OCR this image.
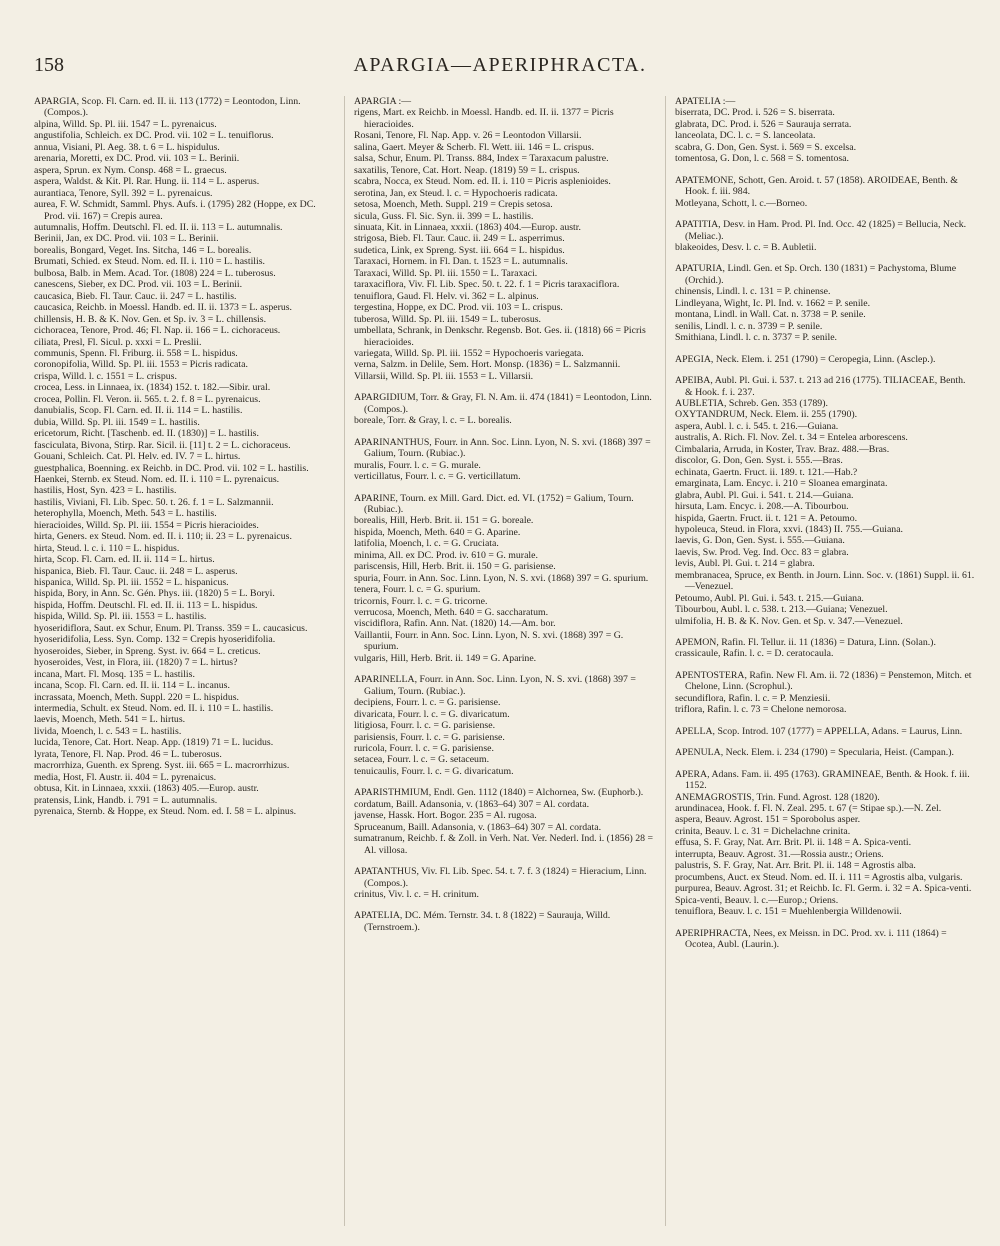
158	APARGIA—APERIPHRACTA.

APARGIA, Scop. Fl. Carn. ed. II. ii. 113 (1772) = Leontodon, Linn. (Compos.).

alpina, Willd. Sp. Pl. iii. 1547 = L. pyrenaicus.

angustifolia, Schleich. ex DC. Prod. vii. 102 = L. tenuiflorus.

annua, Visiani, Pl. Aeg. 38. t. 6 = L. hispidulus.

arenaria, Moretti, ex DC. Prod. vii. 103 = L. Berinii.

aspera, Sprun. ex Nym. Consp. 468 = L. graecus.

aspera, Waldst. & Kit. Pl. Rar. Hung. ii. 114 = L. asperus.

aurantiaca, Tenore, Syll. 392 = L. pyrenaicus.

aurea, F. W. Schmidt, Samml. Phys. Aufs. i. (1795) 282 (Hoppe, ex DC. Prod. vii. 167) = Crepis aurea.

autumnalis, Hoffm. Deutschl. Fl. ed. II. ii. 113 = L. autumnalis.

Berinii, Jan, ex DC. Prod. vii. 103 = L. Berinii.

borealis, Bongard, Veget. Ins. Sitcha, 146 = L. borealis.

Brumati, Schied. ex Steud. Nom. ed. II. i. 110 = L. hastilis.

bulbosa, Balb. in Mem. Acad. Tor. (1808) 224 = L. tuberosus.

canescens, Sieber, ex DC. Prod. vii. 103 = L. Berinii.

caucasica, Bieb. Fl. Taur. Cauc. ii. 247 = L. hastilis.

caucasica, Reichb. in Moessl. Handb. ed. II. ii. 1373 = L. asperus.

chillensis, H. B. & K. Nov. Gen. et Sp. iv. 3 = L. chillensis.

cichoracea, Tenore, Prod. 46; Fl. Nap. ii. 166 = L. cichoraceus.

ciliata, Presl, Fl. Sicul. p. xxxi = L. Preslii.

communis, Spenn. Fl. Friburg. ii. 558 = L. hispidus.

coronopifolia, Willd. Sp. Pl. iii. 1553 = Picris radicata.

crispa, Willd. l. c. 1551 = L. crispus.

crocea, Less. in Linnaea, ix. (1834) 152. t. 182.—Sibir. ural.

crocea, Pollin. Fl. Veron. ii. 565. t. 2. f. 8 = L. pyrenaicus.

danubialis, Scop. Fl. Carn. ed. II. ii. 114 = L. hastilis.

dubia, Willd. Sp. Pl. iii. 1549 = L. hastilis.

ericetorum, Richt. [Taschenb. ed. II. (1830)] = L. hastilis.

fasciculata, Bivona, Stirp. Rar. Sicil. ii. [11] t. 2 = L. cichoraceus.

Gouani, Schleich. Cat. Pl. Helv. ed. IV. 7 = L. hirtus.

guestphalica, Boenning. ex Reichb. in DC. Prod. vii. 102 = L. hastilis.

Haenkei, Sternb. ex Steud. Nom. ed. II. i. 110 = L. pyrenaicus.

hastilis, Host, Syn. 423 = L. hastilis.

hastilis, Viviani, Fl. Lib. Spec. 50. t. 26. f. 1 = L. Salzmannii.

heterophylla, Moench, Meth. 543 = L. hastilis.

hieracioides, Willd. Sp. Pl. iii. 1554 = Picris hieracioides.

hirta, Geners. ex Steud. Nom. ed. II. i. 110; ii. 23 = L. pyrenaicus.

hirta, Steud. l. c. i. 110 = L. hispidus.

hirta, Scop. Fl. Carn. ed. II. ii. 114 = L. hirtus.

hispanica, Bieb. Fl. Taur. Cauc. ii. 248 = L. asperus.

hispanica, Willd. Sp. Pl. iii. 1552 = L. hispanicus.

hispida, Bory, in Ann. Sc. Gén. Phys. iii. (1820) 5 = L. Boryi.

hispida, Hoffm. Deutschl. Fl. ed. II. ii. 113 = L. hispidus.

hispida, Willd. Sp. Pl. iii. 1553 = L. hastilis.

hyoseridiflora, Saut. ex Schur, Enum. Pl. Transs. 359 = L. caucasicus.

hyoseridifolia, Less. Syn. Comp. 132 = Crepis hyoseridifolia.

hyoseroides, Sieber, in Spreng. Syst. iv. 664 = L. creticus.

hyoseroides, Vest, in Flora, iii. (1820) 7 = L. hirtus?

incana, Mart. Fl. Mosq. 135 = L. hastilis.

incana, Scop. Fl. Carn. ed. II. ii. 114 = L. incanus.

incrassata, Moench, Meth. Suppl. 220 = L. hispidus.

intermedia, Schult. ex Steud. Nom. ed. II. i. 110 = L. hastilis.

laevis, Moench, Meth. 541 = L. hirtus.

livida, Moench, l. c. 543 = L. hastilis.

lucida, Tenore, Cat. Hort. Neap. App. (1819) 71 = L. lucidus.

lyrata, Tenore, Fl. Nap. Prod. 46 = L. tuberosus.

macrorrhiza, Guenth. ex Spreng. Syst. iii. 665 = L. macrorrhizus.

media, Host, Fl. Austr. ii. 404 = L. pyrenaicus.

obtusa, Kit. in Linnaea, xxxii. (1863) 405.—Europ. austr.

pratensis, Link, Handb. i. 791 = L. autumnalis.

pyrenaica, Sternb. & Hoppe, ex Steud. Nom. ed. I. 58 = L. alpinus.

APARGIA :—

rigens, Mart. ex Reichb. in Moessl. Handb. ed. II. ii. 1377 = Picris hieracioides.

Rosani, Tenore, Fl. Nap. App. v. 26 = Leontodon Villarsii.

salina, Gaert. Meyer & Scherb. Fl. Wett. iii. 146 = L. crispus.

salsa, Schur, Enum. Pl. Transs. 884, Index = Taraxacum palustre.

saxatilis, Tenore, Cat. Hort. Neap. (1819) 59 = L. crispus.

scabra, Nocca, ex Steud. Nom. ed. II. i. 110 = Picris asplenioides.

serotina, Jan, ex Steud. l. c. = Hypochoeris radicata.

setosa, Moench, Meth. Suppl. 219 = Crepis setosa.

sicula, Guss. Fl. Sic. Syn. ii. 399 = L. hastilis.

sinuata, Kit. in Linnaea, xxxii. (1863) 404.—Europ. austr.

strigosa, Bieb. Fl. Taur. Cauc. ii. 249 = L. asperrimus.

sudetica, Link, ex Spreng. Syst. iii. 664 = L. hispidus.

Taraxaci, Hornem. in Fl. Dan. t. 1523 = L. autumnalis.

Taraxaci, Willd. Sp. Pl. iii. 1550 = L. Taraxaci.

taraxaciflora, Viv. Fl. Lib. Spec. 50. t. 22. f. 1 = Picris taraxaciflora.

tenuiflora, Gaud. Fl. Helv. vi. 362 = L. alpinus.

tergestina, Hoppe, ex DC. Prod. vii. 103 = L. crispus.

tuberosa, Willd. Sp. Pl. iii. 1549 = L. tuberosus.

umbellata, Schrank, in Denkschr. Regensb. Bot. Ges. ii. (1818) 66 = Picris hieracioides.

variegata, Willd. Sp. Pl. iii. 1552 = Hypochoeris variegata.

verna, Salzm. in Delile, Sem. Hort. Monsp. (1836) = L. Salzmannii.

Villarsii, Willd. Sp. Pl. iii. 1553 = L. Villarsii.

APARGIDIUM, Torr. & Gray, Fl. N. Am. ii. 474 (1841) = Leontodon, Linn. (Compos.).

boreale, Torr. & Gray, l. c. = L. borealis.

APARINANTHUS, Fourr. in Ann. Soc. Linn. Lyon, N. S. xvi. (1868) 397 = Galium, Tourn. (Rubiac.).

muralis, Fourr. l. c. = G. murale.

verticillatus, Fourr. l. c. = G. verticillatum.

APARINE, Tourn. ex Mill. Gard. Dict. ed. VI. (1752) = Galium, Tourn. (Rubiac.).

borealis, Hill, Herb. Brit. ii. 151 = G. boreale.

hispida, Moench, Meth. 640 = G. Aparine.

latifolia, Moench, l. c. = G. Cruciata.

minima, All. ex DC. Prod. iv. 610 = G. murale.

pariscensis, Hill, Herb. Brit. ii. 150 = G. parisiense.

spuria, Fourr. in Ann. Soc. Linn. Lyon, N. S. xvi. (1868) 397 = G. spurium.

tenera, Fourr. l. c. = G. spurium.

tricornis, Fourr. l. c. = G. tricorne.

verrucosa, Moench, Meth. 640 = G. saccharatum.

viscidiflora, Rafin. Ann. Nat. (1820) 14.—Am. bor.

Vaillantii, Fourr. in Ann. Soc. Linn. Lyon, N. S. xvi. (1868) 397 = G. spurium.

vulgaris, Hill, Herb. Brit. ii. 149 = G. Aparine.

APARINELLA, Fourr. in Ann. Soc. Linn. Lyon, N. S. xvi. (1868) 397 = Galium, Tourn. (Rubiac.).

decipiens, Fourr. l. c. = G. parisiense.

divaricata, Fourr. l. c. = G. divaricatum.

litigiosa, Fourr. l. c. = G. parisiense.

parisiensis, Fourr. l. c. = G. parisiense.

ruricola, Fourr. l. c. = G. parisiense.

setacea, Fourr. l. c. = G. setaceum.

tenuicaulis, Fourr. l. c. = G. divaricatum.

APARISTHMIUM, Endl. Gen. 1112 (1840) = Alchornea, Sw. (Euphorb.).

cordatum, Baill. Adansonia, v. (1863–64) 307 = Al. cordata.

javense, Hassk. Hort. Bogor. 235 = Al. rugosa.

Spruceanum, Baill. Adansonia, v. (1863–64) 307 = Al. cordata.

sumatranum, Reichb. f. & Zoll. in Verh. Nat. Ver. Nederl. Ind. i. (1856) 28 = Al. villosa.

APATANTHUS, Viv. Fl. Lib. Spec. 54. t. 7. f. 3 (1824) = Hieracium, Linn. (Compos.).

crinitus, Viv. l. c. = H. crinitum.

APATELIA, DC. Mém. Ternstr. 34. t. 8 (1822) = Saurauja, Willd. (Ternstroem.).

APATELIA :—

biserrata, DC. Prod. i. 526 = S. biserrata.

glabrata, DC. Prod. i. 526 = Saurauja serrata.

lanceolata, DC. l. c. = S. lanceolata.

scabra, G. Don, Gen. Syst. i. 569 = S. excelsa.

tomentosa, G. Don, l. c. 568 = S. tomentosa.

APATEMONE, Schott, Gen. Aroid. t. 57 (1858). AROIDEAE, Benth. & Hook. f. iii. 984.

Motleyana, Schott, l. c.—Borneo.

APATITIA, Desv. in Ham. Prod. Pl. Ind. Occ. 42 (1825) = Bellucia, Neck. (Meliac.).

blakeoides, Desv. l. c. = B. Aubletii.

APATURIA, Lindl. Gen. et Sp. Orch. 130 (1831) = Pachystoma, Blume (Orchid.).

chinensis, Lindl. l. c. 131 = P. chinense.

Lindleyana, Wight, Ic. Pl. Ind. v. 1662 = P. senile.

montana, Lindl. in Wall. Cat. n. 3738 = P. senile.

senilis, Lindl. l. c. n. 3739 = P. senile.

Smithiana, Lindl. l. c. n. 3737 = P. senile.

APEGIA, Neck. Elem. i. 251 (1790) = Ceropegia, Linn. (Asclep.).

APEIBA, Aubl. Pl. Gui. i. 537. t. 213 ad 216 (1775). TILIACEAE, Benth. & Hook. f. i. 237.

AUBLETIA, Schreb. Gen. 353 (1789).

OXYTANDRUM, Neck. Elem. ii. 255 (1790).

aspera, Aubl. l. c. i. 545. t. 216.—Guiana.

australis, A. Rich. Fl. Nov. Zel. t. 34 = Entelea arborescens.

Cimbalaria, Arruda, in Koster, Trav. Braz. 488.—Bras.

discolor, G. Don, Gen. Syst. i. 555.—Bras.

echinata, Gaertn. Fruct. ii. 189. t. 121.—Hab.?

emarginata, Lam. Encyc. i. 210 = Sloanea emarginata.

glabra, Aubl. Pl. Gui. i. 541. t. 214.—Guiana.

hirsuta, Lam. Encyc. i. 208.—A. Tibourbou.

hispida, Gaertn. Fruct. ii. t. 121 = A. Petoumo.

hypoleuca, Steud. in Flora, xxvi. (1843) II. 755.—Guiana.

laevis, G. Don, Gen. Syst. i. 555.—Guiana.

laevis, Sw. Prod. Veg. Ind. Occ. 83 = glabra.

levis, Aubl. Pl. Gui. t. 214 = glabra.

membranacea, Spruce, ex Benth. in Journ. Linn. Soc. v. (1861) Suppl. ii. 61.—Venezuel.

Petoumo, Aubl. Pl. Gui. i. 543. t. 215.—Guiana.

Tibourbou, Aubl. l. c. 538. t. 213.—Guiana; Venezuel.

ulmifolia, H. B. & K. Nov. Gen. et Sp. v. 347.—Venezuel.

APEMON, Rafin. Fl. Tellur. ii. 11 (1836) = Datura, Linn. (Solan.).

crassicaule, Rafin. l. c. = D. ceratocaula.

APENTOSTERA, Rafin. New Fl. Am. ii. 72 (1836) = Penstemon, Mitch. et Chelone, Linn. (Scrophul.).

secundiflora, Rafin. l. c. = P. Menziesii.

triflora, Rafin. l. c. 73 = Chelone nemorosa.

APELLA, Scop. Introd. 107 (1777) = APPELLA, Adans. = Laurus, Linn.

APENULA, Neck. Elem. i. 234 (1790) = Specularia, Heist. (Campan.).

APERA, Adans. Fam. ii. 495 (1763). GRAMINEAE, Benth. & Hook. f. iii. 1152.

ANEMAGROSTIS, Trin. Fund. Agrost. 128 (1820).

arundinacea, Hook. f. Fl. N. Zeal. 295. t. 67 (= Stipae sp.).—N. Zel.

aspera, Beauv. Agrost. 151 = Sporobolus asper.

crinita, Beauv. l. c. 31 = Dichelachne crinita.

effusa, S. F. Gray, Nat. Arr. Brit. Pl. ii. 148 = A. Spica-venti.

interrupta, Beauv. Agrost. 31.—Rossia austr.; Oriens.

palustris, S. F. Gray, Nat. Arr. Brit. Pl. ii. 148 = Agrostis alba.

procumbens, Auct. ex Steud. Nom. ed. II. i. 111 = Agrostis alba, vulgaris.

purpurea, Beauv. Agrost. 31; et Reichb. Ic. Fl. Germ. i. 32 = A. Spica-venti.

Spica-venti, Beauv. l. c.—Europ.; Oriens.

tenuiflora, Beauv. l. c. 151 = Muehlenbergia Willdenowii.

APERIPHRACTA, Nees, ex Meissn. in DC. Prod. xv. i. 111 (1864) = Ocotea, Aubl. (Laurin.).
